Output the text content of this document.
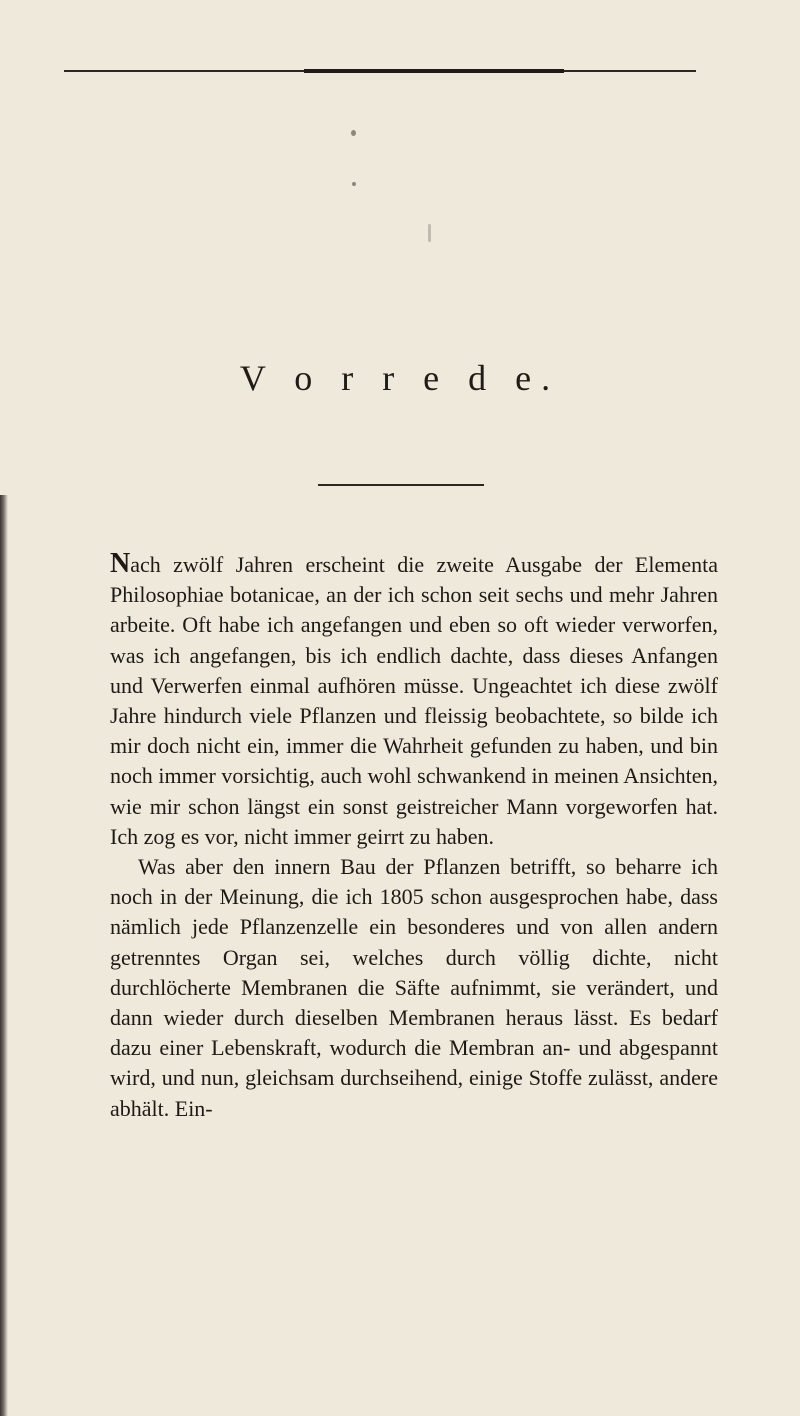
V o r r e d e.

Nach zwölf Jahren erscheint die zweite Ausgabe der Elementa Philosophiae botanicae, an der ich schon seit sechs und mehr Jahren arbeite. Oft habe ich angefangen und eben so oft wieder verworfen, was ich angefangen, bis ich endlich dachte, dass dieses Anfangen und Verwerfen einmal aufhören müsse. Ungeachtet ich diese zwölf Jahre hindurch viele Pflanzen und fleissig beobachtete, so bilde ich mir doch nicht ein, immer die Wahrheit gefunden zu haben, und bin noch immer vorsichtig, auch wohl schwankend in meinen Ansichten, wie mir schon längst ein sonst geistreicher Mann vorgeworfen hat. Ich zog es vor, nicht immer geirrt zu haben.

Was aber den innern Bau der Pflanzen betrifft, so beharre ich noch in der Meinung, die ich 1805 schon ausgesprochen habe, dass nämlich jede Pflanzenzelle ein besonderes und von allen andern getrenntes Organ sei, welches durch völlig dichte, nicht durchlöcherte Membranen die Säfte aufnimmt, sie verändert, und dann wieder durch dieselben Membranen heraus lässt. Es bedarf dazu einer Lebenskraft, wodurch die Membran an- und abgespannt wird, und nun, gleichsam durchseihend, einige Stoffe zulässt, andere abhält. Ein-
